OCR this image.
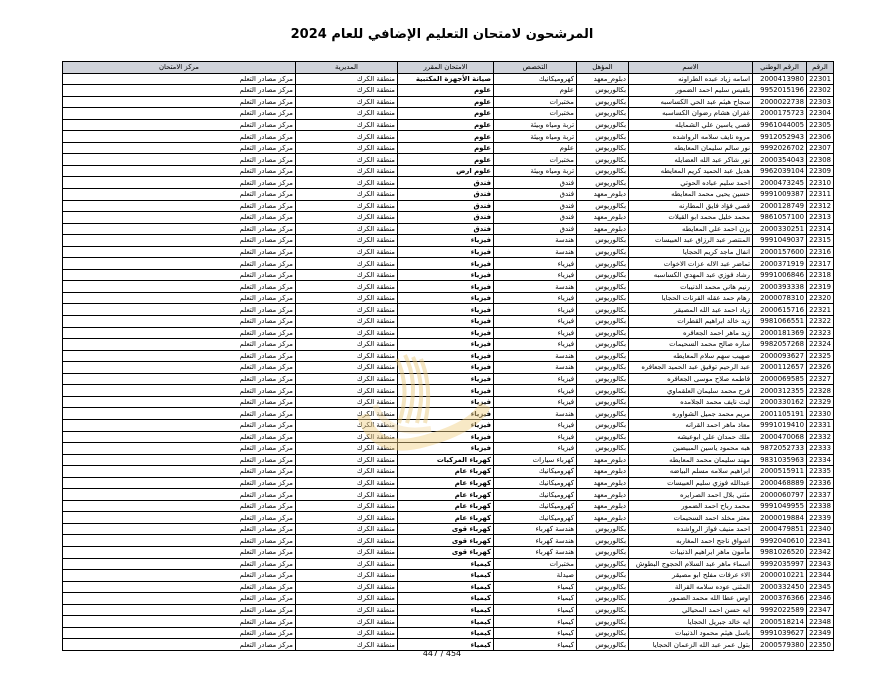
المرشحون لامتحان التعليم الإضافي للعام 2024
الرقم	الرقم الوطني	الاسم	المؤهل	التخصص	الامتحان المقرر	المديرية	مركز الامتحان
22301	2000413980	اسامه زياد عبده الطراونه	دبلوم_معهد	كهروميكانيك	صيانة الأجهزة المكتبية	منطقة الكرك	مركز مصادر التعلم
22302	9952015196	بلقيس سليم احمد الضمور	بكالوريوس	علوم	علوم	منطقة الكرك	مركز مصادر التعلم
22303	2000022738	سجاح هيثم عبد الحي الكساسبه	بكالوريوس	مختبرات	علوم	منطقة الكرك	مركز مصادر التعلم
22304	2000175723	غفران هشام رضوان الكساسبه	بكالوريوس	مختبرات	علوم	منطقة الكرك	مركز مصادر التعلم
22305	9961044005	قصي ياسين علي الشمايله	بكالوريوس	تربة ومياه وبيئة	علوم	منطقة الكرك	مركز مصادر التعلم
22306	9912052943	مروه نايف سلامه الرواشده	بكالوريوس	تربة ومياه وبيئة	علوم	منطقة الكرك	مركز مصادر التعلم
22307	9992026702	نور سالم سليمان المعايطه	بكالوريوس	علوم	علوم	منطقة الكرك	مركز مصادر التعلم
22308	2000354043	نور شاكر عبد الله العضايله	بكالوريوس	مختبرات	علوم	منطقة الكرك	مركز مصادر التعلم
22309	9962039104	هديل عبد الحميد كريم المعايطه	بكالوريوس	تربة ومياه وبيئة	علوم ارض	منطقة الكرك	مركز مصادر التعلم
22310	2000473245	احمد سليم عباده الحوتي	بكالوريوس	فندق	فندق	منطقة الكرك	مركز مصادر التعلم
22311	9991009387	حسين يحيى محمد المعايطه	دبلوم_معهد	فندق	فندق	منطقة الكرك	مركز مصادر التعلم
22312	2000128749	قصي فؤاد فايق المطارنه	بكالوريوس	فندق	فندق	منطقة الكرك	مركز مصادر التعلم
22313	9861057100	محمد خليل محمد ابو القيلات	دبلوم_معهد	فندق	فندق	منطقة الكرك	مركز مصادر التعلم
22314	2000330251	يزن احمد علي المعايطه	دبلوم_معهد	فندق	فندق	منطقة الكرك	مركز مصادر التعلم
22315	9991049037	المنتصر عبد الرزاق عبد العبيسات	بكالوريوس	هندسة	فيزياء	منطقة الكرك	مركز مصادر التعلم
22316	2000157600	انفال ماجد كريم الحجايا	بكالوريوس	هندسة	فيزياء	منطقة الكرك	مركز مصادر التعلم
22317	2000371919	تماضر عبد الاله عزات الاخوات	بكالوريوس	فيزياء	فيزياء	منطقة الكرك	مركز مصادر التعلم
22318	9991006846	رشاد فوزي عبد المهدي الكساسبه	بكالوريوس	فيزياء	فيزياء	منطقة الكرك	مركز مصادر التعلم
22319	2000393338	رنيم هاني محمد الذنيبات	بكالوريوس	هندسة	فيزياء	منطقة الكرك	مركز مصادر التعلم
22320	2000078310	رهام حمد عقله القرنات الحجايا	بكالوريوس	فيزياء	فيزياء	منطقة الكرك	مركز مصادر التعلم
22321	2000615716	زياد احمد عبد الله المصيقر	بكالوريوس	فيزياء	فيزياء	منطقة الكرك	مركز مصادر التعلم
22322	9981066551	زيد خالد ابراهيم القطرات	بكالوريوس	فيزياء	فيزياء	منطقة الكرك	مركز مصادر التعلم
22323	2000181369	زيد ماهر احمد الجعافره	بكالوريوس	فيزياء	فيزياء	منطقة الكرك	مركز مصادر التعلم
22324	9982057268	ساره صالح محمد السحيمات	بكالوريوس	فيزياء	فيزياء	منطقة الكرك	مركز مصادر التعلم
22325	2000093627	صهيب سهم سلام المعايطه	بكالوريوس	هندسة	فيزياء	منطقة الكرك	مركز مصادر التعلم
22326	2000112657	عبد الرحيم توفيق عبد الحميد الجعافره	بكالوريوس	هندسة	فيزياء	منطقة الكرك	مركز مصادر التعلم
22327	2000069585	فاطمه صلاح موسى الجعافره	بكالوريوس	فيزياء	فيزياء	منطقة الكرك	مركز مصادر التعلم
22328	2000312355	فرح محمد سليمان العلقماوي	بكالوريوس	فيزياء	فيزياء	منطقة الكرك	مركز مصادر التعلم
22329	2000330162	ليث نايف محمد الجلامده	بكالوريوس	فيزياء	فيزياء	منطقة الكرك	مركز مصادر التعلم
22330	2001105191	مريم محمد جميل الشواوره	بكالوريوس	هندسة	فيزياء	منطقة الكرك	مركز مصادر التعلم
22331	9991019410	معاذ ماهر احمد القرانه	بكالوريوس	فيزياء	فيزياء	منطقة الكرك	مركز مصادر التعلم
22332	2000470068	ملك حمدان علي ابوعيشه	بكالوريوس	فيزياء	فيزياء	منطقة الكرك	مركز مصادر التعلم
22333	9872052733	هبه محمود ياسين المبيضين	بكالوريوس	فيزياء	فيزياء	منطقة الكرك	مركز مصادر التعلم
22334	9831035963	مهند سليمان محمد المعايطه	دبلوم_معهد	كهرباء سيارات	كهرباء المركبات	منطقة الكرك	مركز مصادر التعلم
22335	2000515911	ابراهيم سلامه مسلم البياضه	دبلوم_معهد	كهروميكانيك	كهرباء عام	منطقة الكرك	مركز مصادر التعلم
22336	2000468889	عبدالله فوزي سليم العبيسات	دبلوم_معهد	كهروميكانيك	كهرباء عام	منطقة الكرك	مركز مصادر التعلم
22337	2000060797	مثني بلال احمد الصرايره	دبلوم_معهد	كهروميكانيك	كهرباء عام	منطقة الكرك	مركز مصادر التعلم
22338	9991049955	محمد رباح احمد الضمور	دبلوم_معهد	كهروميكانيك	كهرباء عام	منطقة الكرك	مركز مصادر التعلم
22339	2000019884	معتز مخلد احمد السحيمات	دبلوم_معهد	كهروميكانيك	كهرباء عام	منطقة الكرك	مركز مصادر التعلم
22340	2000479851	احمد منيف فواز الرواشده	بكالوريوس	هندسة كهرباء	كهرباء قوى	منطقة الكرك	مركز مصادر التعلم
22341	9992040610	اشواق ناجح احمد المغاربه	بكالوريوس	هندسة كهرباء	كهرباء قوى	منطقة الكرك	مركز مصادر التعلم
22342	9981026520	مأمون ماهر ابراهيم الذنيبات	بكالوريوس	هندسة كهرباء	كهرباء قوى	منطقة الكرك	مركز مصادر التعلم
22343	9992035997	اسماء ماهر عبد السلام الحجوج البطوش	بكالوريوس	مختبرات	كيمياء	منطقة الكرك	مركز مصادر التعلم
22344	2000010221	الاء عرفات مفلح ابو مصيقر	بكالوريوس	صيدلة	كيمياء	منطقة الكرك	مركز مصادر التعلم
22345	2000332450	المثنى عوده سلامه القرالة	بكالوريوس	كيمياء	كيمياء	منطقة الكرك	مركز مصادر التعلم
22346	2000376366	اوس عطا الله محمد الضمور	بكالوريوس	كيمياء	كيمياء	منطقة الكرك	مركز مصادر التعلم
22347	9992022589	ايه حسن احمد المحيالي	بكالوريوس	كيمياء	كيمياء	منطقة الكرك	مركز مصادر التعلم
22348	2000518214	ايه خالد جبريل الحجايا	بكالوريوس	كيمياء	كيمياء	منطقة الكرك	مركز مصادر التعلم
22349	9991039627	باسل هيثم محمود الذنيبات	بكالوريوس	كيمياء	كيمياء	منطقة الكرك	مركز مصادر التعلم
22350	2000579380	بتول عمر عبد الله الزعمان الحجايا	بكالوريوس	كيمياء	كيمياء	منطقة الكرك	مركز مصادر التعلم
447 / 454
